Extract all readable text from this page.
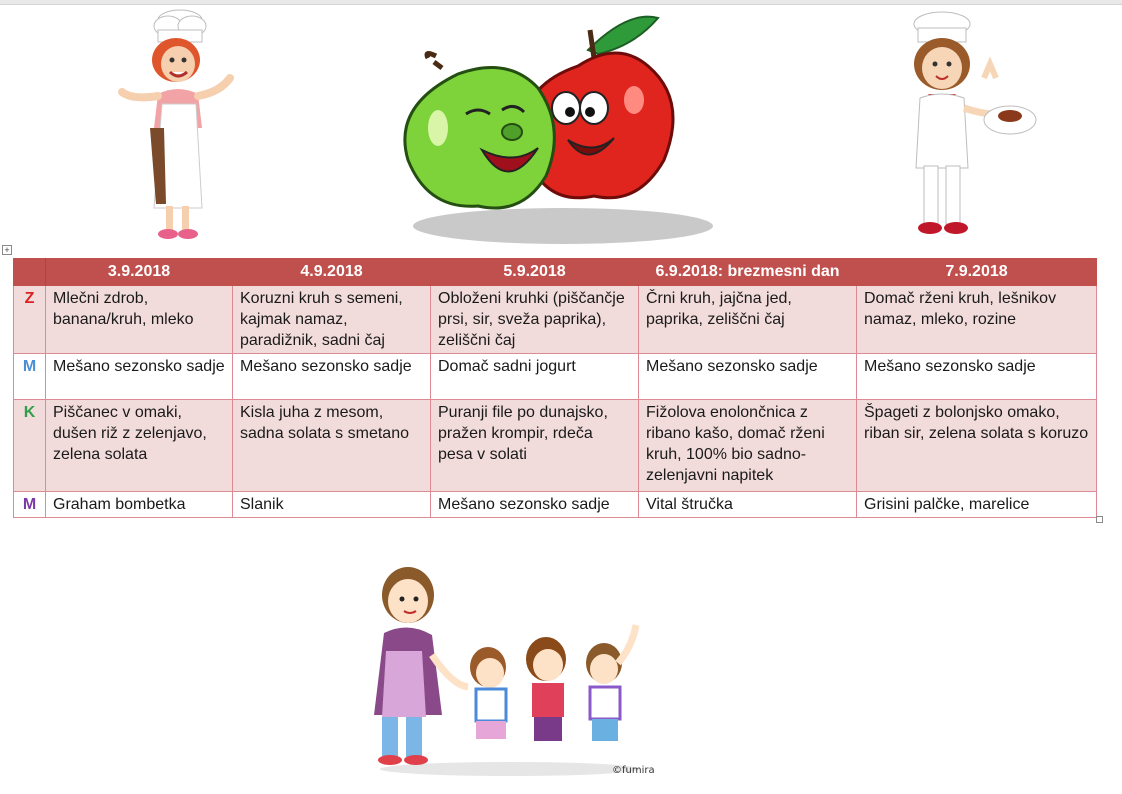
+
	3.9.2018	4.9.2018	5.9.2018	6.9.2018: brezmesni dan	7.9.2018
Z	Mlečni zdrob, banana/kruh, mleko	Koruzni kruh s semeni, kajmak namaz, paradižnik, sadni čaj	Obloženi kruhki (piščančje prsi, sir, sveža paprika), zeliščni čaj	Črni kruh, jajčna jed, paprika, zeliščni čaj	Domač rženi kruh, lešnikov namaz, mleko, rozine
M	Mešano sezonsko sadje	Mešano sezonsko sadje	Domač sadni jogurt	Mešano sezonsko sadje	Mešano sezonsko sadje
K	Piščanec v omaki, dušen riž z zelenjavo, zelena solata	Kisla juha z mesom, sadna solata s smetano	Puranji file po dunajsko, pražen krompir, rdeča pesa v solati	Fižolova enolončnica z ribano kašo, domač rženi kruh, 100% bio sadno-zelenjavni napitek	Špageti z bolonjsko omako, riban sir, zelena solata s koruzo
M	Graham bombetka	Slanik	Mešano sezonsko sadje	Vital štručka	Grisini palčke, marelice
©fumira
